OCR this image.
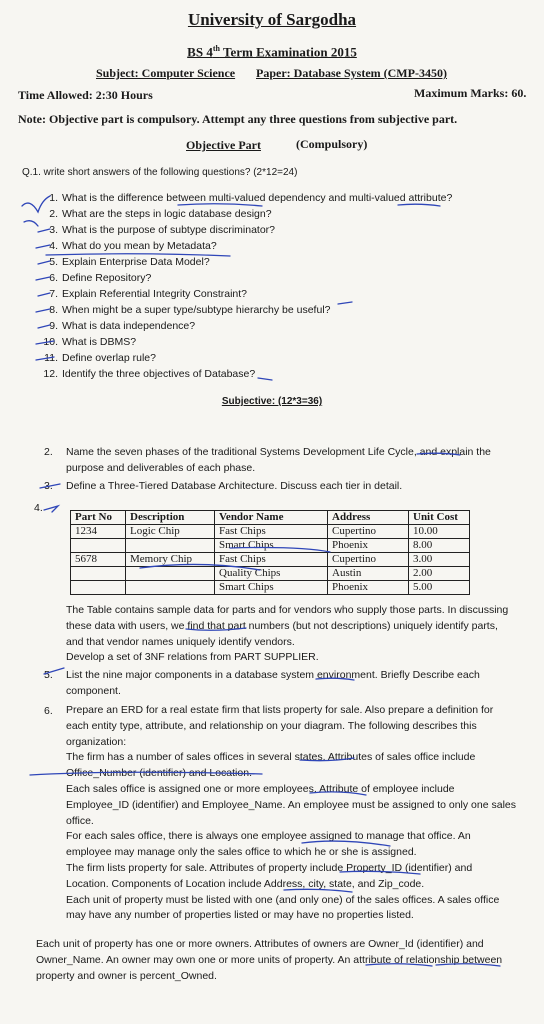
University of Sargodha
BS 4th Term Examination 2015
Subject: Computer Science Paper: Database System (CMP-3450)
Time Allowed: 2:30 Hours	Maximum Marks: 60.
Note: Objective part is compulsory. Attempt any three questions from subjective part.
Objective Part	(Compulsory)
Q.1. write short answers of the following questions? (2*12=24)
1. What is the difference between multi-valued dependency and multi-valued attribute?
2. What are the steps in logic database design?
3. What is the purpose of subtype discriminator?
4. What do you mean by Metadata?
5. Explain Enterprise Data Model?
6. Define Repository?
7. Explain Referential Integrity Constraint?
8. When might be a super type/subtype hierarchy be useful?
9. What is data independence?
10. What is DBMS?
11. Define overlap rule?
12. Identify the three objectives of Database?
Subjective: (12*3=36)
2.	Name the seven phases of the traditional Systems Development Life Cycle, and explain the
purpose and deliverables of each phase.
3.	Define a Three-Tiered Database Architecture. Discuss each tier in detail.
4.
Part No	Description	Vendor Name	Address	Unit Cost
1234	Logic Chip	Fast Chips	Cupertino	10.00
		Smart Chips	Phoenix	8.00
5678	Memory Chip	Fast Chips	Cupertino	3.00
		Quality Chips	Austin	2.00
		Smart Chips	Phoenix	5.00
The Table contains sample data for parts and for vendors who supply those parts. In discussing
these data with users, we find that part numbers (but not descriptions) uniquely identify parts,
and that vendor names uniquely identify vendors.
Develop a set of 3NF relations from PART SUPPLIER.
5.	List the nine major components in a database system environment. Briefly Describe each
component.
6.	Prepare an ERD for a real estate firm that lists property for sale. Also prepare a definition for
each entity type, attribute, and relationship on your diagram. The following describes this
organization:
The firm has a number of sales offices in several states. Attributes of sales office include
Office_Number (identifier) and Location.
Each sales office is assigned one or more employees. Attribute of employee include
Employee_ID (identifier) and Employee_Name. An employee must be assigned to only one sales
office.
For each sales office, there is always one employee assigned to manage that office. An
employee may manage only the sales office to which he or she is assigned.
The firm lists property for sale. Attributes of property include Property_ID (identifier) and
Location. Components of Location include Address, city, state, and Zip_code.
Each unit of property must be listed with one (and only one) of the sales offices. A sales office
may have any number of properties listed or may have no properties listed.
Each unit of property has one or more owners. Attributes of owners are Owner_Id (identifier) and
Owner_Name. An owner may own one or more units of property. An attribute of relationship between
property and owner is percent_Owned.
